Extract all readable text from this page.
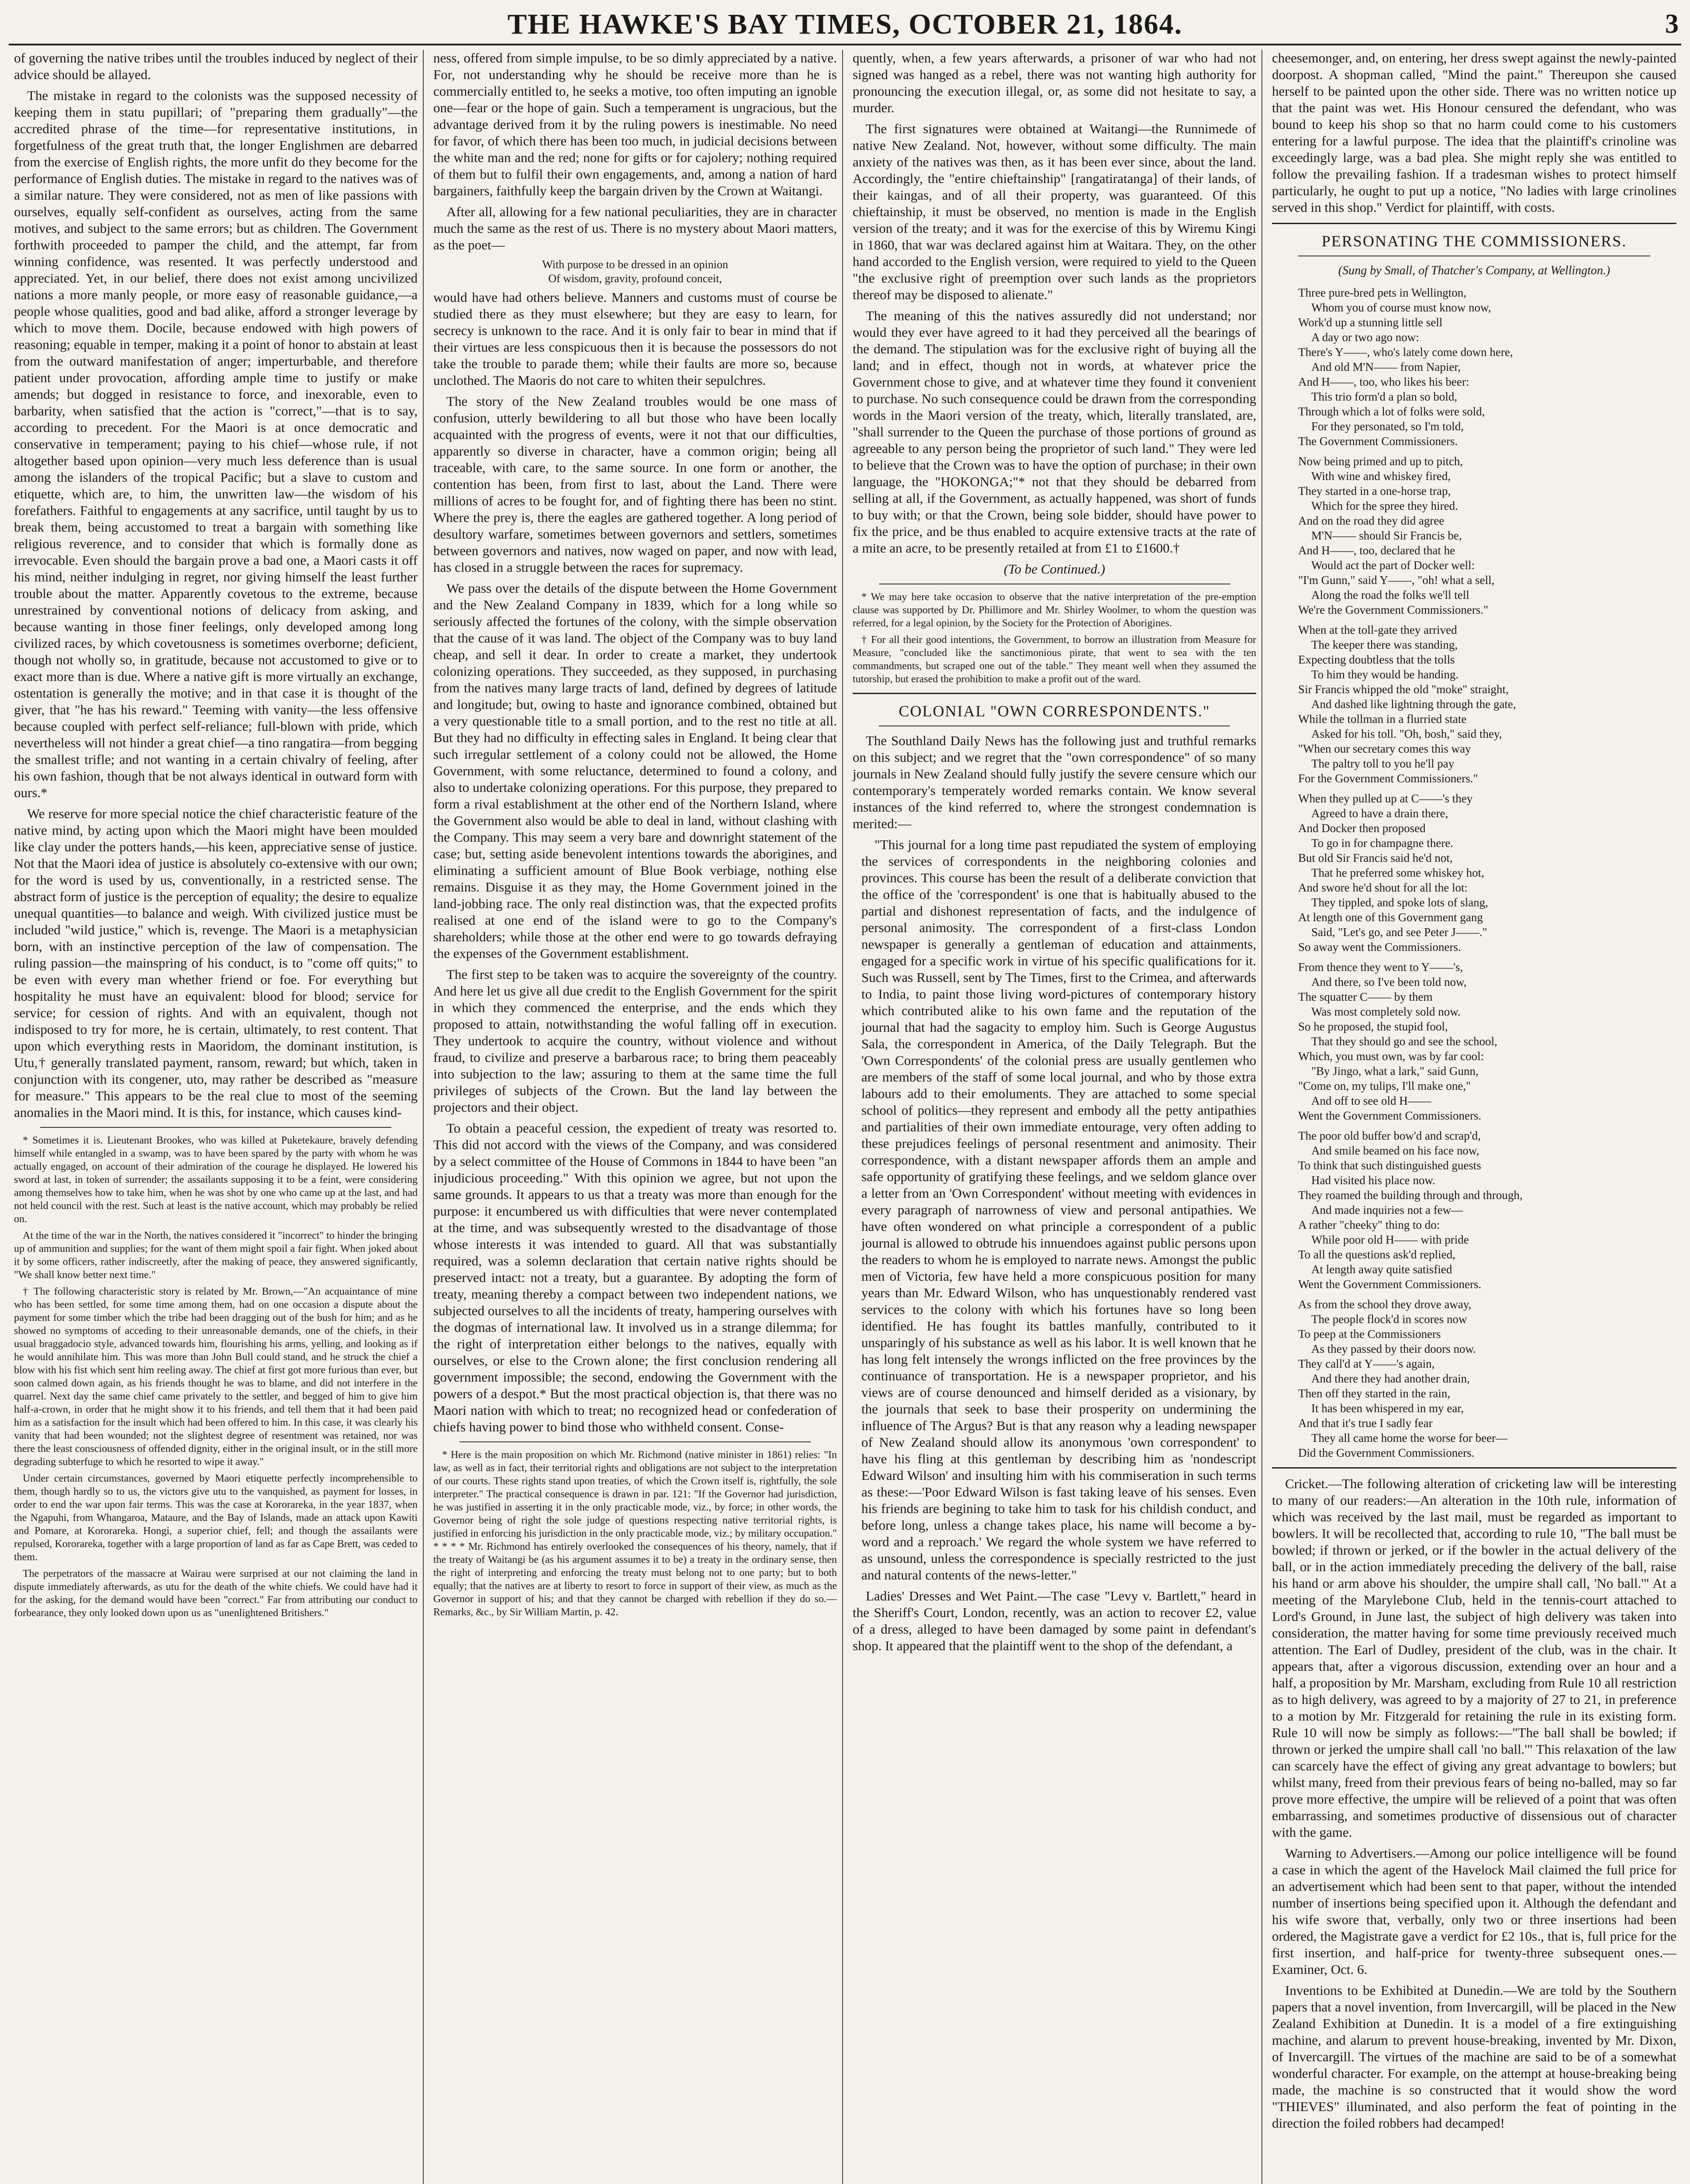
THE HAWKE'S BAY TIMES, OCTOBER 21, 1864.	3

of governing the native tribes until the troubles induced by neglect of their advice should be allayed.

The mistake in regard to the colonists was the supposed necessity of keeping them in statu pupillari; of "preparing them gradually"—the accredited phrase of the time—for representative institutions, in forgetfulness of the great truth that, the longer Englishmen are debarred from the exercise of English rights, the more unfit do they become for the performance of English duties. The mistake in regard to the natives was of a similar nature. They were considered, not as men of like passions with ourselves, equally self-confident as ourselves, acting from the same motives, and subject to the same errors; but as children. The Government forthwith proceeded to pamper the child, and the attempt, far from winning confidence, was resented. It was perfectly understood and appreciated. Yet, in our belief, there does not exist among uncivilized nations a more manly people, or more easy of reasonable guidance,—a people whose qualities, good and bad alike, afford a stronger leverage by which to move them. Docile, because endowed with high powers of reasoning; equable in temper, making it a point of honor to abstain at least from the outward manifestation of anger; imperturbable, and therefore patient under provocation, affording ample time to justify or make amends; but dogged in resistance to force, and inexorable, even to barbarity, when satisfied that the action is "correct,"—that is to say, according to precedent. For the Maori is at once democratic and conservative in temperament; paying to his chief—whose rule, if not altogether based upon opinion—very much less deference than is usual among the islanders of the tropical Pacific; but a slave to custom and etiquette, which are, to him, the unwritten law—the wisdom of his forefathers. Faithful to engagements at any sacrifice, until taught by us to break them, being accustomed to treat a bargain with something like religious reverence, and to consider that which is formally done as irrevocable. Even should the bargain prove a bad one, a Maori casts it off his mind, neither indulging in regret, nor giving himself the least further trouble about the matter. Apparently covetous to the extreme, because unrestrained by conventional notions of delicacy from asking, and because wanting in those finer feelings, only developed among long civilized races, by which covetousness is sometimes overborne; deficient, though not wholly so, in gratitude, because not accustomed to give or to exact more than is due. Where a native gift is more virtually an exchange, ostentation is generally the motive; and in that case it is thought of the giver, that "he has his reward." Teeming with vanity—the less offensive because coupled with perfect self-reliance; full-blown with pride, which nevertheless will not hinder a great chief—a tino rangatira—from begging the smallest trifle; and not wanting in a certain chivalry of feeling, after his own fashion, though that be not always identical in outward form with ours.*

We reserve for more special notice the chief characteristic feature of the native mind, by acting upon which the Maori might have been moulded like clay under the potters hands,—his keen, appreciative sense of justice. Not that the Maori idea of justice is absolutely co-extensive with our own; for the word is used by us, conventionally, in a restricted sense. The abstract form of justice is the perception of equality; the desire to equalize unequal quantities—to balance and weigh. With civilized justice must be included "wild justice," which is, revenge. The Maori is a metaphysician born, with an instinctive perception of the law of compensation. The ruling passion—the mainspring of his conduct, is to "come off quits;" to be even with every man whether friend or foe. For everything but hospitality he must have an equivalent: blood for blood; service for service; for cession of rights. And with an equivalent, though not indisposed to try for more, he is certain, ultimately, to rest content. That upon which everything rests in Maoridom, the dominant institution, is Utu,† generally translated payment, ransom, reward; but which, taken in conjunction with its congener, uto, may rather be described as "measure for measure." This appears to be the real clue to most of the seeming anomalies in the Maori mind. It is this, for instance, which causes kind-

* Sometimes it is. Lieutenant Brookes, who was killed at Puketekaure, bravely defending himself while entangled in a swamp, was to have been spared by the party with whom he was actually engaged, on account of their admiration of the courage he displayed. He lowered his sword at last, in token of surrender; the assailants supposing it to be a feint, were considering among themselves how to take him, when he was shot by one who came up at the last, and had not held council with the rest. Such at least is the native account, which may probably be relied on.

At the time of the war in the North, the natives considered it "incorrect" to hinder the bringing up of ammunition and supplies; for the want of them might spoil a fair fight. When joked about it by some officers, rather indiscreetly, after the making of peace, they answered significantly, "We shall know better next time."

† The following characteristic story is related by Mr. Brown,—"An acquaintance of mine who has been settled, for some time among them, had on one occasion a dispute about the payment for some timber which the tribe had been dragging out of the bush for him; and as he showed no symptoms of acceding to their unreasonable demands, one of the chiefs, in their usual braggadocio style, advanced towards him, flourishing his arms, yelling, and looking as if he would annihilate him. This was more than John Bull could stand, and he struck the chief a blow with his fist which sent him reeling away. The chief at first got more furious than ever, but soon calmed down again, as his friends thought he was to blame, and did not interfere in the quarrel. Next day the same chief came privately to the settler, and begged of him to give him half-a-crown, in order that he might show it to his friends, and tell them that it had been paid him as a satisfaction for the insult which had been offered to him. In this case, it was clearly his vanity that had been wounded; not the slightest degree of resentment was retained, nor was there the least consciousness of offended dignity, either in the original insult, or in the still more degrading subterfuge to which he resorted to wipe it away."

Under certain circumstances, governed by Maori etiquette perfectly incomprehensible to them, though hardly so to us, the victors give utu to the vanquished, as payment for losses, in order to end the war upon fair terms. This was the case at Kororareka, in the year 1837, when the Ngapuhi, from Whangaroa, Mataure, and the Bay of Islands, made an attack upon Kawiti and Pomare, at Kororareka. Hongi, a superior chief, fell; and though the assailants were repulsed, Kororareka, together with a large proportion of land as far as Cape Brett, was ceded to them.

The perpetrators of the massacre at Wairau were surprised at our not claiming the land in dispute immediately afterwards, as utu for the death of the white chiefs. We could have had it for the asking, for the demand would have been "correct." Far from attributing our conduct to forbearance, they only looked down upon us as "unenlightened Britishers."

ness, offered from simple impulse, to be so dimly appreciated by a native. For, not understanding why he should be receive more than he is commercially entitled to, he seeks a motive, too often imputing an ignoble one—fear or the hope of gain. Such a temperament is ungracious, but the advantage derived from it by the ruling powers is inestimable. No need for favor, of which there has been too much, in judicial decisions between the white man and the red; none for gifts or for cajolery; nothing required of them but to fulfil their own engagements, and, among a nation of hard bargainers, faithfully keep the bargain driven by the Crown at Waitangi.

After all, allowing for a few national peculiarities, they are in character much the same as the rest of us. There is no mystery about Maori matters, as the poet—

With purpose to be dressed in an opinion
Of wisdom, gravity, profound conceit,

would have had others believe. Manners and customs must of course be studied there as they must elsewhere; but they are easy to learn, for secrecy is unknown to the race. And it is only fair to bear in mind that if their virtues are less conspicuous then it is because the possessors do not take the trouble to parade them; while their faults are more so, because unclothed. The Maoris do not care to whiten their sepulchres.

The story of the New Zealand troubles would be one mass of confusion, utterly bewildering to all but those who have been locally acquainted with the progress of events, were it not that our difficulties, apparently so diverse in character, have a common origin; being all traceable, with care, to the same source. In one form or another, the contention has been, from first to last, about the Land. There were millions of acres to be fought for, and of fighting there has been no stint. Where the prey is, there the eagles are gathered together. A long period of desultory warfare, sometimes between governors and settlers, sometimes between governors and natives, now waged on paper, and now with lead, has closed in a struggle between the races for supremacy.

We pass over the details of the dispute between the Home Government and the New Zealand Company in 1839, which for a long while so seriously affected the fortunes of the colony, with the simple observation that the cause of it was land. The object of the Company was to buy land cheap, and sell it dear. In order to create a market, they undertook colonizing operations. They succeeded, as they supposed, in purchasing from the natives many large tracts of land, defined by degrees of latitude and longitude; but, owing to haste and ignorance combined, obtained but a very questionable title to a small portion, and to the rest no title at all. But they had no difficulty in effecting sales in England. It being clear that such irregular settlement of a colony could not be allowed, the Home Government, with some reluctance, determined to found a colony, and also to undertake colonizing operations. For this purpose, they prepared to form a rival establishment at the other end of the Northern Island, where the Government also would be able to deal in land, without clashing with the Company. This may seem a very bare and downright statement of the case; but, setting aside benevolent intentions towards the aborigines, and eliminating a sufficient amount of Blue Book verbiage, nothing else remains. Disguise it as they may, the Home Government joined in the land-jobbing race. The only real distinction was, that the expected profits realised at one end of the island were to go to the Company's shareholders; while those at the other end were to go towards defraying the expenses of the Government establishment.

The first step to be taken was to acquire the sovereignty of the country. And here let us give all due credit to the English Government for the spirit in which they commenced the enterprise, and the ends which they proposed to attain, notwithstanding the woful falling off in execution. They undertook to acquire the country, without violence and without fraud, to civilize and preserve a barbarous race; to bring them peaceably into subjection to the law; assuring to them at the same time the full privileges of subjects of the Crown. But the land lay between the projectors and their object.

To obtain a peaceful cession, the expedient of treaty was resorted to. This did not accord with the views of the Company, and was considered by a select committee of the House of Commons in 1844 to have been "an injudicious proceeding." With this opinion we agree, but not upon the same grounds. It appears to us that a treaty was more than enough for the purpose: it encumbered us with difficulties that were never contemplated at the time, and was subsequently wrested to the disadvantage of those whose interests it was intended to guard. All that was substantially required, was a solemn declaration that certain native rights should be preserved intact: not a treaty, but a guarantee. By adopting the form of treaty, meaning thereby a compact between two independent nations, we subjected ourselves to all the incidents of treaty, hampering ourselves with the dogmas of international law. It involved us in a strange dilemma; for the right of interpretation either belongs to the natives, equally with ourselves, or else to the Crown alone; the first conclusion rendering all government impossible; the second, endowing the Government with the powers of a despot.* But the most practical objection is, that there was no Maori nation with which to treat; no recognized head or confederation of chiefs having power to bind those who withheld consent. Conse-

* Here is the main proposition on which Mr. Richmond (native minister in 1861) relies: "In law, as well as in fact, their territorial rights and obligations are not subject to the interpretation of our courts. These rights stand upon treaties, of which the Crown itself is, rightfully, the sole interpreter." The practical consequence is drawn in par. 121: "If the Governor had jurisdiction, he was justified in asserting it in the only practicable mode, viz., by force; in other words, the Governor being of right the sole judge of questions respecting native territorial rights, is justified in enforcing his jurisdiction in the only practicable mode, viz.; by military occupation." * * * * Mr. Richmond has entirely overlooked the consequences of his theory, namely, that if the treaty of Waitangi be (as his argument assumes it to be) a treaty in the ordinary sense, then the right of interpreting and enforcing the treaty must belong not to one party; but to both equally; that the natives are at liberty to resort to force in support of their view, as much as the Governor in support of his; and that they cannot be charged with rebellion if they do so.—Remarks, &c., by Sir William Martin, p. 42.

quently, when, a few years afterwards, a prisoner of war who had not signed was hanged as a rebel, there was not wanting high authority for pronouncing the execution illegal, or, as some did not hesitate to say, a murder.

The first signatures were obtained at Waitangi—the Runnimede of native New Zealand. Not, however, without some difficulty. The main anxiety of the natives was then, as it has been ever since, about the land. Accordingly, the "entire chieftainship" [rangatiratanga] of their lands, of their kaingas, and of all their property, was guaranteed. Of this chieftainship, it must be observed, no mention is made in the English version of the treaty; and it was for the exercise of this by Wiremu Kingi in 1860, that war was declared against him at Waitara. They, on the other hand accorded to the English version, were required to yield to the Queen "the exclusive right of preemption over such lands as the proprietors thereof may be disposed to alienate."

The meaning of this the natives assuredly did not understand; nor would they ever have agreed to it had they perceived all the bearings of the demand. The stipulation was for the exclusive right of buying all the land; and in effect, though not in words, at whatever price the Government chose to give, and at whatever time they found it convenient to purchase. No such consequence could be drawn from the corresponding words in the Maori version of the treaty, which, literally translated, are, "shall surrender to the Queen the purchase of those portions of ground as agreeable to any person being the proprietor of such land." They were led to believe that the Crown was to have the option of purchase; in their own language, the "HOKONGA;"* not that they should be debarred from selling at all, if the Government, as actually happened, was short of funds to buy with; or that the Crown, being sole bidder, should have power to fix the price, and be thus enabled to acquire extensive tracts at the rate of a mite an acre, to be presently retailed at from £1 to £1600.†

(To be Continued.)

* We may here take occasion to observe that the native interpretation of the pre-emption clause was supported by Dr. Phillimore and Mr. Shirley Woolmer, to whom the question was referred, for a legal opinion, by the Society for the Protection of Aborigines.

† For all their good intentions, the Government, to borrow an illustration from Measure for Measure, "concluded like the sanctimonious pirate, that went to sea with the ten commandments, but scraped one out of the table." They meant well when they assumed the tutorship, but erased the prohibition to make a profit out of the ward.

COLONIAL "OWN CORRESPONDENTS."

The Southland Daily News has the following just and truthful remarks on this subject; and we regret that the "own correspondence" of so many journals in New Zealand should fully justify the severe censure which our contemporary's temperately worded remarks contain. We know several instances of the kind referred to, where the strongest condemnation is merited:—

"This journal for a long time past repudiated the system of employing the services of correspondents in the neighboring colonies and provinces. This course has been the result of a deliberate conviction that the office of the 'correspondent' is one that is habitually abused to the partial and dishonest representation of facts, and the indulgence of personal animosity. The correspondent of a first-class London newspaper is generally a gentleman of education and attainments, engaged for a specific work in virtue of his specific qualifications for it. Such was Russell, sent by The Times, first to the Crimea, and afterwards to India, to paint those living word-pictures of contemporary history which contributed alike to his own fame and the reputation of the journal that had the sagacity to employ him. Such is George Augustus Sala, the correspondent in America, of the Daily Telegraph. But the 'Own Correspondents' of the colonial press are usually gentlemen who are members of the staff of some local journal, and who by those extra labours add to their emoluments. They are attached to some special school of politics—they represent and embody all the petty antipathies and partialities of their own immediate entourage, very often adding to these prejudices feelings of personal resentment and animosity. Their correspondence, with a distant newspaper affords them an ample and safe opportunity of gratifying these feelings, and we seldom glance over a letter from an 'Own Correspondent' without meeting with evidences in every paragraph of narrowness of view and personal antipathies. We have often wondered on what principle a correspondent of a public journal is allowed to obtrude his innuendoes against public persons upon the readers to whom he is employed to narrate news. Amongst the public men of Victoria, few have held a more conspicuous position for many years than Mr. Edward Wilson, who has unquestionably rendered vast services to the colony with which his fortunes have so long been identified. He has fought its battles manfully, contributed to it unsparingly of his substance as well as his labor. It is well known that he has long felt intensely the wrongs inflicted on the free provinces by the continuance of transportation. He is a newspaper proprietor, and his views are of course denounced and himself derided as a visionary, by the journals that seek to base their prosperity on undermining the influence of The Argus? But is that any reason why a leading newspaper of New Zealand should allow its anonymous 'own correspondent' to have his fling at this gentleman by describing him as 'nondescript Edward Wilson' and insulting him with his commiseration in such terms as these:—'Poor Edward Wilson is fast taking leave of his senses. Even his friends are begining to take him to task for his childish conduct, and before long, unless a change takes place, his name will become a by-word and a reproach.' We regard the whole system we have referred to as unsound, unless the correspondence is specially restricted to the just and natural contents of the news-letter."

Ladies' Dresses and Wet Paint.—The case "Levy v. Bartlett," heard in the Sheriff's Court, London, recently, was an action to recover £2, value of a dress, alleged to have been damaged by some paint in defendant's shop. It appeared that the plaintiff went to the shop of the defendant, a

cheesemonger, and, on entering, her dress swept against the newly-painted doorpost. A shopman called, "Mind the paint." Thereupon she caused herself to be painted upon the other side. There was no written notice up that the paint was wet. His Honour censured the defendant, who was bound to keep his shop so that no harm could come to his customers entering for a lawful purpose. The idea that the plaintiff's crinoline was exceedingly large, was a bad plea. She might reply she was entitled to follow the prevailing fashion. If a tradesman wishes to protect himself particularly, he ought to put up a notice, "No ladies with large crinolines served in this shop." Verdict for plaintiff, with costs.

PERSONATING THE COMMISSIONERS.
(Sung by Small, of Thatcher's Company, at Wellington.)
Three pure-bred pets in Wellington,
Whom you of course must know now,
Work'd up a stunning little sell
A day or two ago now:
There's Y——, who's lately come down here,
And old M'N—— from Napier,
And H——, too, who likes his beer:
This trio form'd a plan so bold,
Through which a lot of folks were sold,
For they personated, so I'm told,
The Government Commissioners.
Now being primed and up to pitch,
With wine and whiskey fired,
They started in a one-horse trap,
Which for the spree they hired.
And on the road they did agree
M'N—— should Sir Francis be,
And H——, too, declared that he
Would act the part of Docker well:
"I'm Gunn," said Y——, "oh! what a sell,
Along the road the folks we'll tell
We're the Government Commissioners."
When at the toll-gate they arrived
The keeper there was standing,
Expecting doubtless that the tolls
To him they would be handing.
Sir Francis whipped the old "moke" straight,
And dashed like lightning through the gate,
While the tollman in a flurried state
Asked for his toll. "Oh, bosh," said they,
"When our secretary comes this way
The paltry toll to you he'll pay
For the Government Commissioners."
When they pulled up at C——'s they
Agreed to have a drain there,
And Docker then proposed
To go in for champagne there.
But old Sir Francis said he'd not,
That he preferred some whiskey hot,
And swore he'd shout for all the lot:
They tippled, and spoke lots of slang,
At length one of this Government gang
Said, "Let's go, and see Peter J——."
So away went the Commissioners.
From thence they went to Y——'s,
And there, so I've been told now,
The squatter C—— by them
Was most completely sold now.
So he proposed, the stupid fool,
That they should go and see the school,
Which, you must own, was by far cool:
"By Jingo, what a lark," said Gunn,
"Come on, my tulips, I'll make one,"
And off to see old H——
Went the Government Commissioners.
The poor old buffer bow'd and scrap'd,
And smile beamed on his face now,
To think that such distinguished guests
Had visited his place now.
They roamed the building through and through,
And made inquiries not a few—
A rather "cheeky" thing to do:
While poor old H—— with pride
To all the questions ask'd replied,
At length away quite satisfied
Went the Government Commissioners.
As from the school they drove away,
The people flock'd in scores now
To peep at the Commissioners
As they passed by their doors now.
They call'd at Y——'s again,
And there they had another drain,
Then off they started in the rain,
It has been whispered in my ear,
And that it's true I sadly fear
They all came home the worse for beer—
Did the Government Commissioners.

Cricket.—The following alteration of cricketing law will be interesting to many of our readers:—An alteration in the 10th rule, information of which was received by the last mail, must be regarded as important to bowlers. It will be recollected that, according to rule 10, "The ball must be bowled; if thrown or jerked, or if the bowler in the actual delivery of the ball, or in the action immediately preceding the delivery of the ball, raise his hand or arm above his shoulder, the umpire shall call, 'No ball.'" At a meeting of the Marylebone Club, held in the tennis-court attached to Lord's Ground, in June last, the subject of high delivery was taken into consideration, the matter having for some time previously received much attention. The Earl of Dudley, president of the club, was in the chair. It appears that, after a vigorous discussion, extending over an hour and a half, a proposition by Mr. Marsham, excluding from Rule 10 all restriction as to high delivery, was agreed to by a majority of 27 to 21, in preference to a motion by Mr. Fitzgerald for retaining the rule in its existing form. Rule 10 will now be simply as follows:—"The ball shall be bowled; if thrown or jerked the umpire shall call 'no ball.'" This relaxation of the law can scarcely have the effect of giving any great advantage to bowlers; but whilst many, freed from their previous fears of being no-balled, may so far prove more effective, the umpire will be relieved of a point that was often embarrassing, and sometimes productive of dissensious out of character with the game.

Warning to Advertisers.—Among our police intelligence will be found a case in which the agent of the Havelock Mail claimed the full price for an advertisement which had been sent to that paper, without the intended number of insertions being specified upon it. Although the defendant and his wife swore that, verbally, only two or three insertions had been ordered, the Magistrate gave a verdict for £2 10s., that is, full price for the first insertion, and half-price for twenty-three subsequent ones.—Examiner, Oct. 6.

Inventions to be Exhibited at Dunedin.—We are told by the Southern papers that a novel invention, from Invercargill, will be placed in the New Zealand Exhibition at Dunedin. It is a model of a fire extinguishing machine, and alarum to prevent house-breaking, invented by Mr. Dixon, of Invercargill. The virtues of the machine are said to be of a somewhat wonderful character. For example, on the attempt at house-breaking being made, the machine is so constructed that it would show the word "THIEVES" illuminated, and also perform the feat of pointing in the direction the foiled robbers had decamped!
